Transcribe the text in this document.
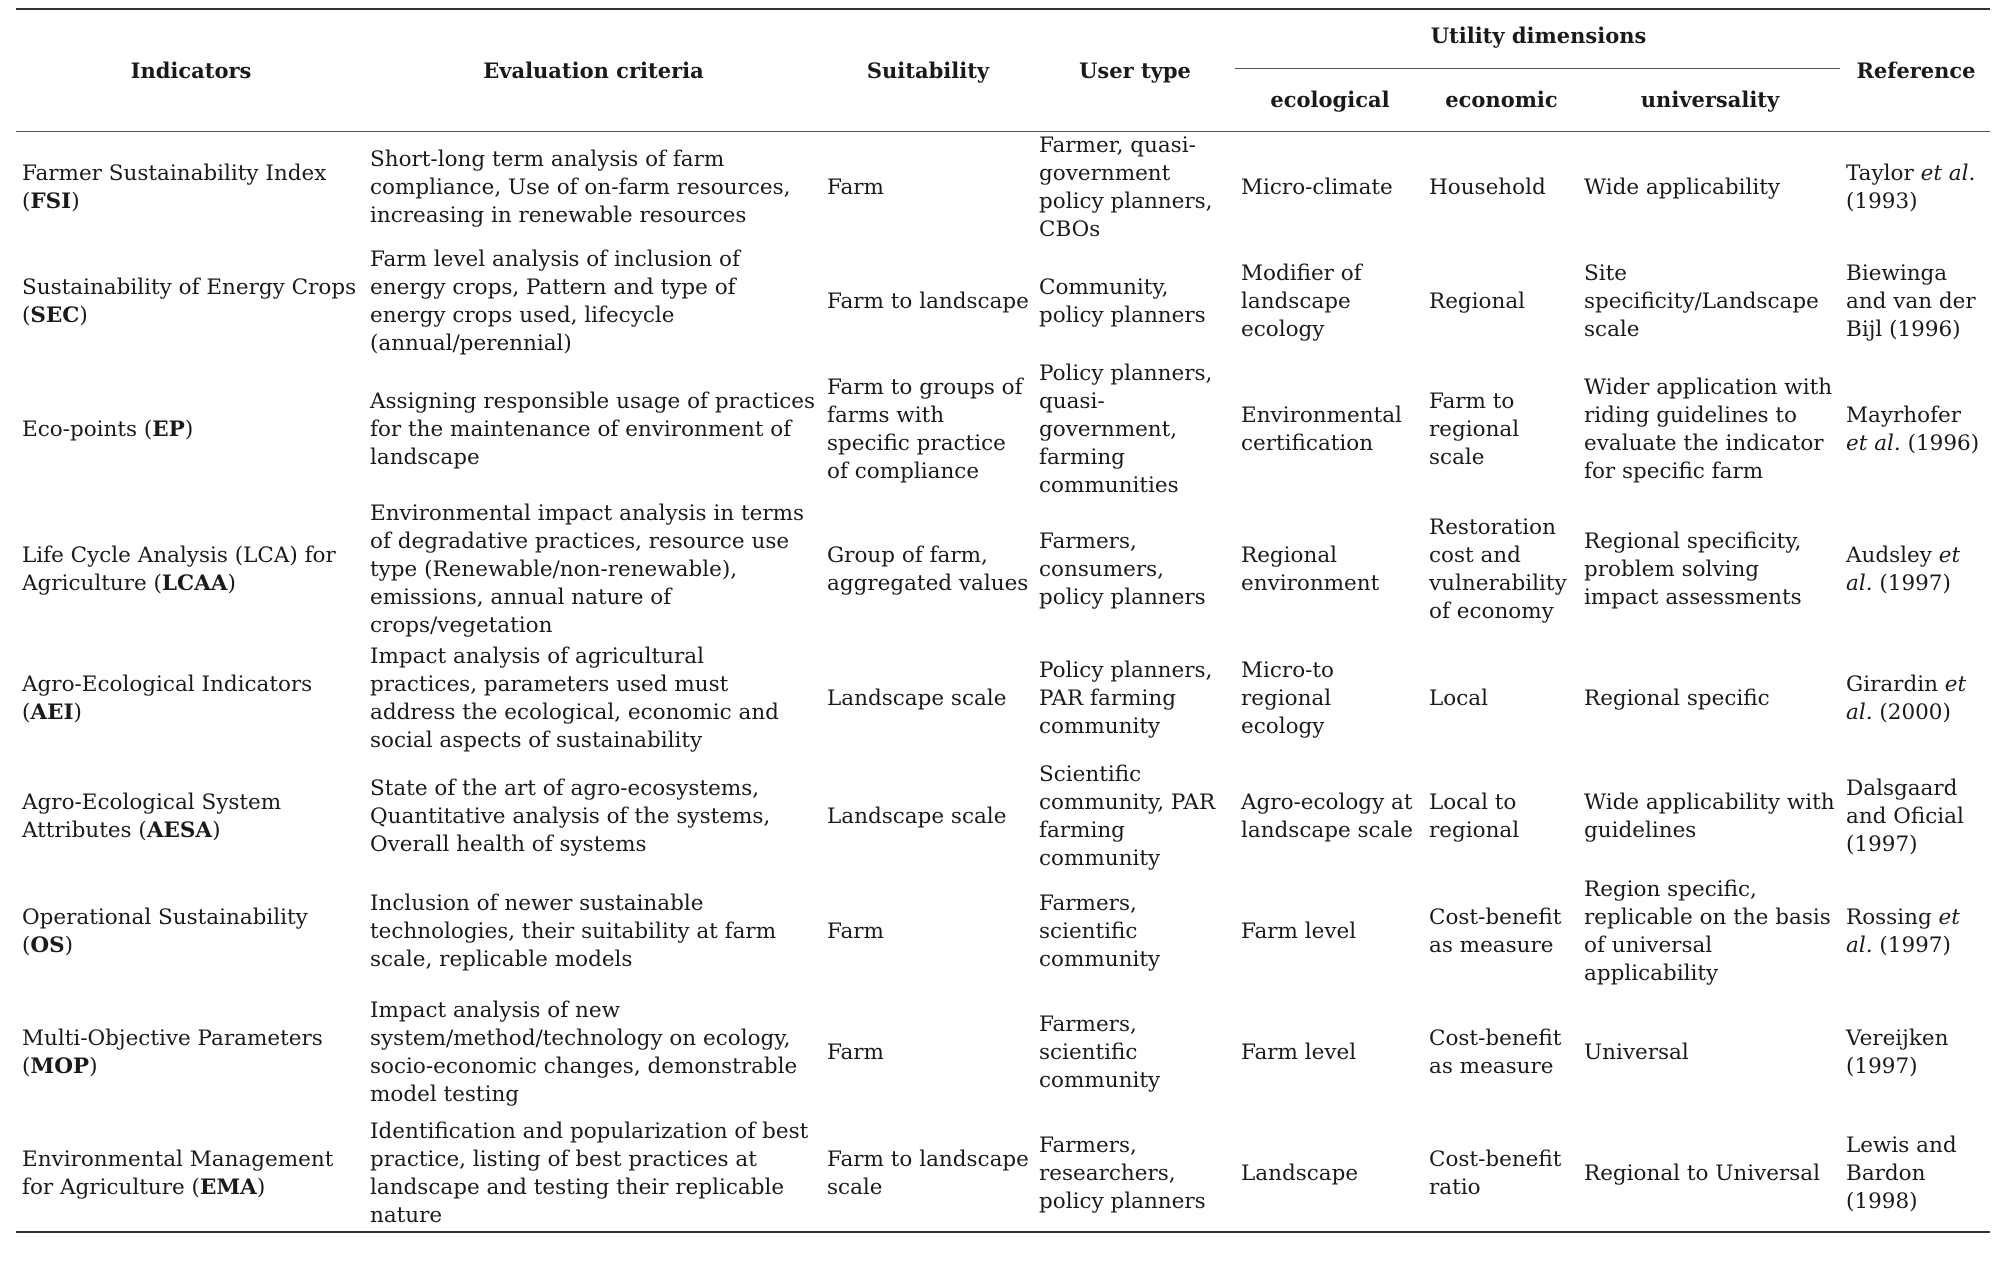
Indicators	Evaluation criteria	Suitability	User type	Utility dimensions			Reference
				ecological	economic	universality	
Farmer Sustainability Index (FSI)	Short-long term analysis of farm compliance, Use of on-farm resources, increasing in renewable resources	Farm	Farmer, quasi-government policy planners, CBOs	Micro-climate	Household	Wide applicability	Taylor et al. (1993)
Sustainability of Energy Crops (SEC)	Farm level analysis of inclusion of energy crops, Pattern and type of energy crops used, lifecycle (annual/perennial)	Farm to landscape	Community, policy planners	Modifier of landscape ecology	Regional	Site specificity/Landscape scale	Biewinga and van der Bijl (1996)
Eco-points (EP)	Assigning responsible usage of practices for the maintenance of environment of landscape	Farm to groups of farms with specific practice of compliance	Policy planners, quasi-government, farming communities	Environmental certification	Farm to regional scale	Wider application with riding guidelines to evaluate the indicator for specific farm	Mayrhofer et al. (1996)
Life Cycle Analysis (LCA) for Agriculture (LCAA)	Environmental impact analysis in terms of degradative practices, resource use type (Renewable/non-renewable), emissions, annual nature of crops/vegetation	Group of farm, aggregated values	Farmers, consumers, policy planners	Regional environment	Restoration cost and vulnerability of economy	Regional specificity, problem solving impact assessments	Audsley et al. (1997)
Agro-Ecological Indicators (AEI)	Impact analysis of agricultural practices, parameters used must address the ecological, economic and social aspects of sustainability	Landscape scale	Policy planners, PAR farming community	Micro-to regional ecology	Local	Regional specific	Girardin et al. (2000)
Agro-Ecological System Attributes (AESA)	State of the art of agro-ecosystems, Quantitative analysis of the systems, Overall health of systems	Landscape scale	Scientific community, PAR farming community	Agro-ecology at landscape scale	Local to regional	Wide applicability with guidelines	Dalsgaard and Oficial (1997)
Operational Sustainability (OS)	Inclusion of newer sustainable technologies, their suitability at farm scale, replicable models	Farm	Farmers, scientific community	Farm level	Cost-benefit as measure	Region specific, replicable on the basis of universal applicability	Rossing et al. (1997)
Multi-Objective Parameters (MOP)	Impact analysis of new system/method/technology on ecology, socio-economic changes, demonstrable model testing	Farm	Farmers, scientific community	Farm level	Cost-benefit as measure	Universal	Vereijken (1997)
Environmental Management for Agriculture (EMA)	Identification and popularization of best practice, listing of best practices at landscape and testing their replicable nature	Farm to landscape scale	Farmers, researchers, policy planners	Landscape	Cost-benefit ratio	Regional to Universal	Lewis and Bardon (1998)
